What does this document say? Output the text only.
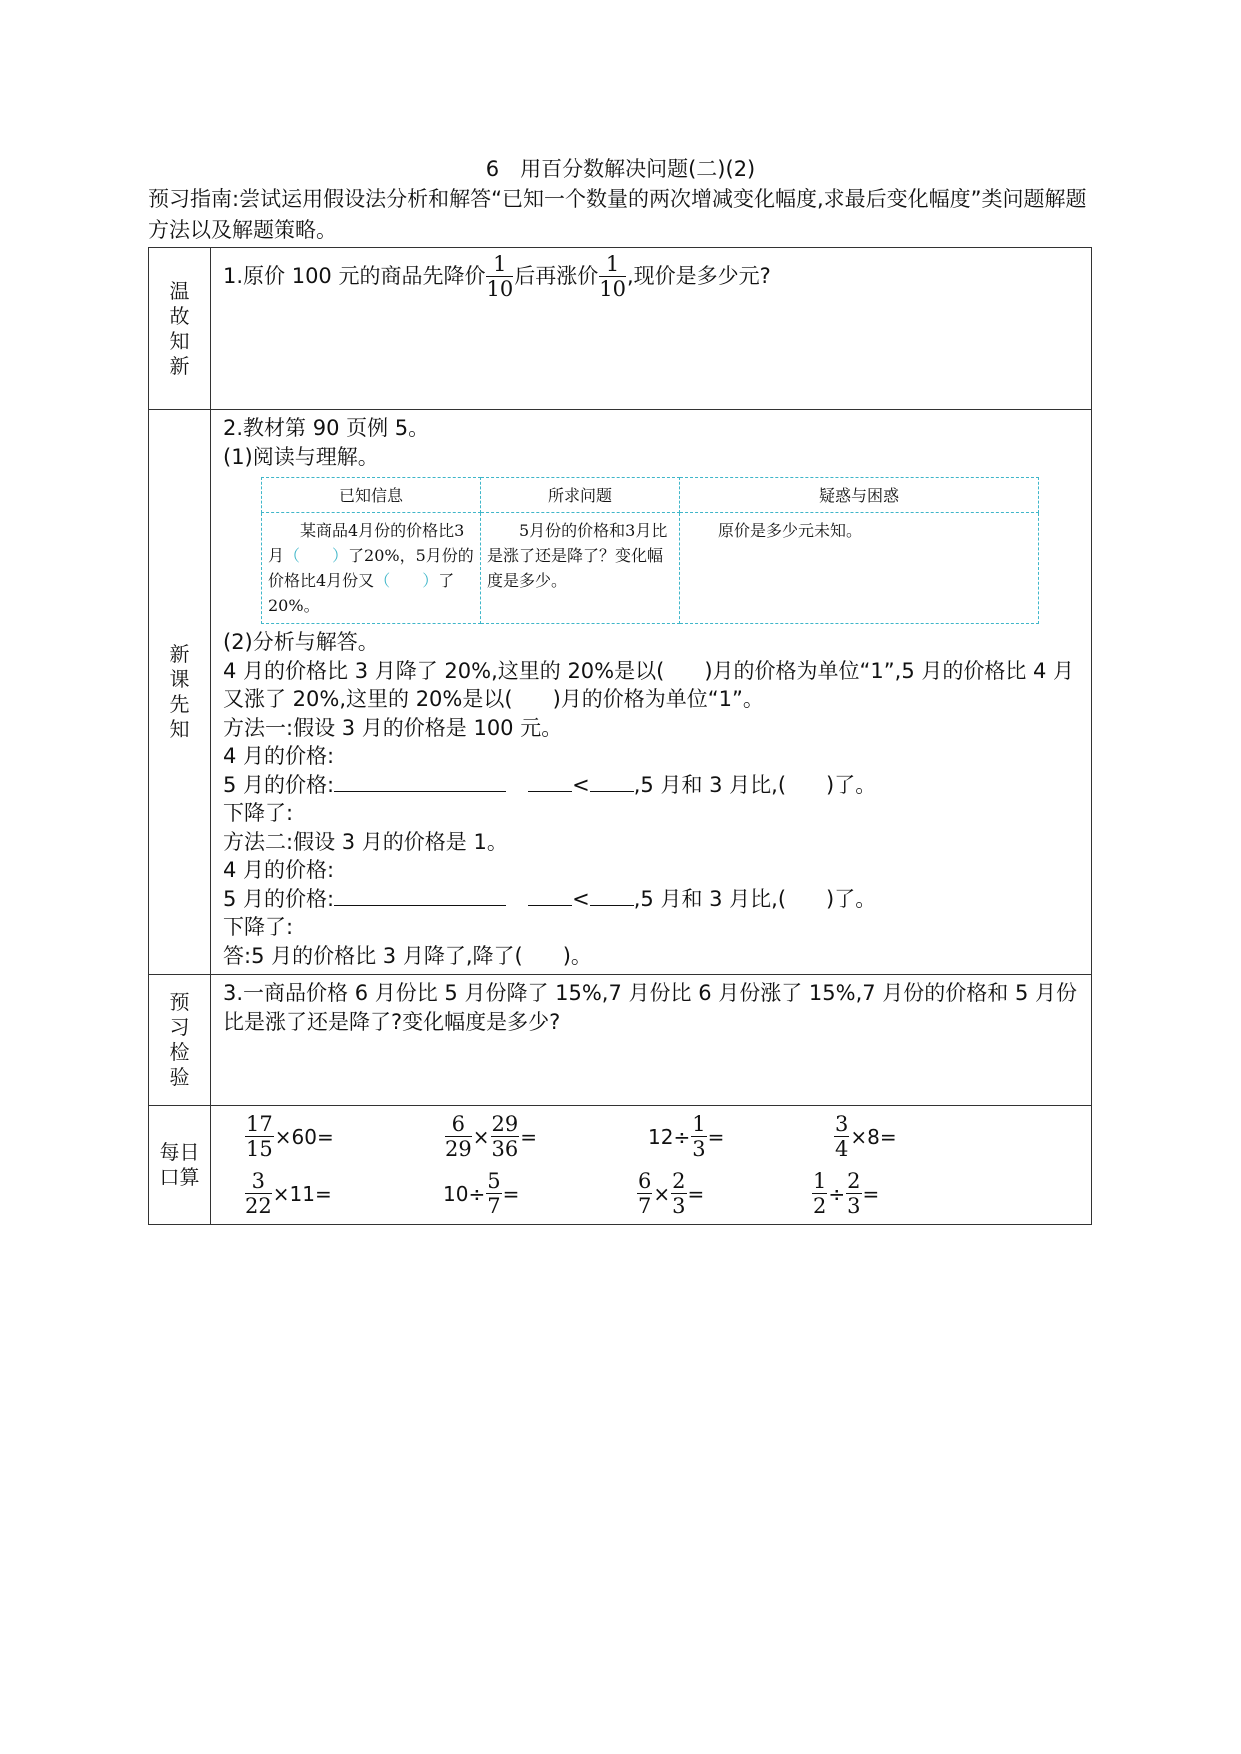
6　用百分数解决问题(二)(2)
预习指南:尝试运用假设法分析和解答“已知一个数量的两次增减变化幅度,求最后变化幅度”类问题解题方法以及解题策略。
温
故
知
新

1.原价 100 元的商品先降价 $\frac{1}{10}$ 后再涨价 $\frac{1}{10}$ ,现价是多少元?

新
课
先
知

2.教材第 90 页例 5。
(1)阅读与理解。
已知信息	所求问题	疑惑与困惑
某商品4月份的价格比3月（　　）了20%，5月份的价格比4月份又（　　）了20%。	5月份的价格和3月比是涨了还是降了？变化幅度是多少。	原价是多少元未知。
(2)分析与解答。
4 月的价格比 3 月降了 20%,这里的 20%是以( )月的价格为单位“1”,5 月的价格比 4 月又涨了 20%,这里的 20%是以( )月的价格为单位“1”。
方法一:假设 3 月的价格是 100 元。
4 月的价格:
5 月的价格:	< ,5 月和 3 月比,( )了。
下降了:
方法二:假设 3 月的价格是 1。
4 月的价格:
5 月的价格:	< ,5 月和 3 月比,( )了。
下降了:
答:5 月的价格比 3 月降了,降了( )。

预
习
检
验

3.一商品价格 6 月份比 5 月份降了 15%,7 月份比 6 月份涨了 15%,7 月份的价格和 5 月份比是涨了还是降了?变化幅度是多少?

每日
口算

$\frac{17}{15} \times 60=$	$\frac{6}{29} \times \frac{29}{36}$ =	$12\div \frac{1}{3}$ =	$\frac{3}{4} \times 8=$
$\frac{3}{22} \times 11=$	$10\div \frac{5}{7}$ =	$\frac{6}{7} \times \frac{2}{3}$ =	$\frac{1}{2} \div \frac{2}{3}$ =
